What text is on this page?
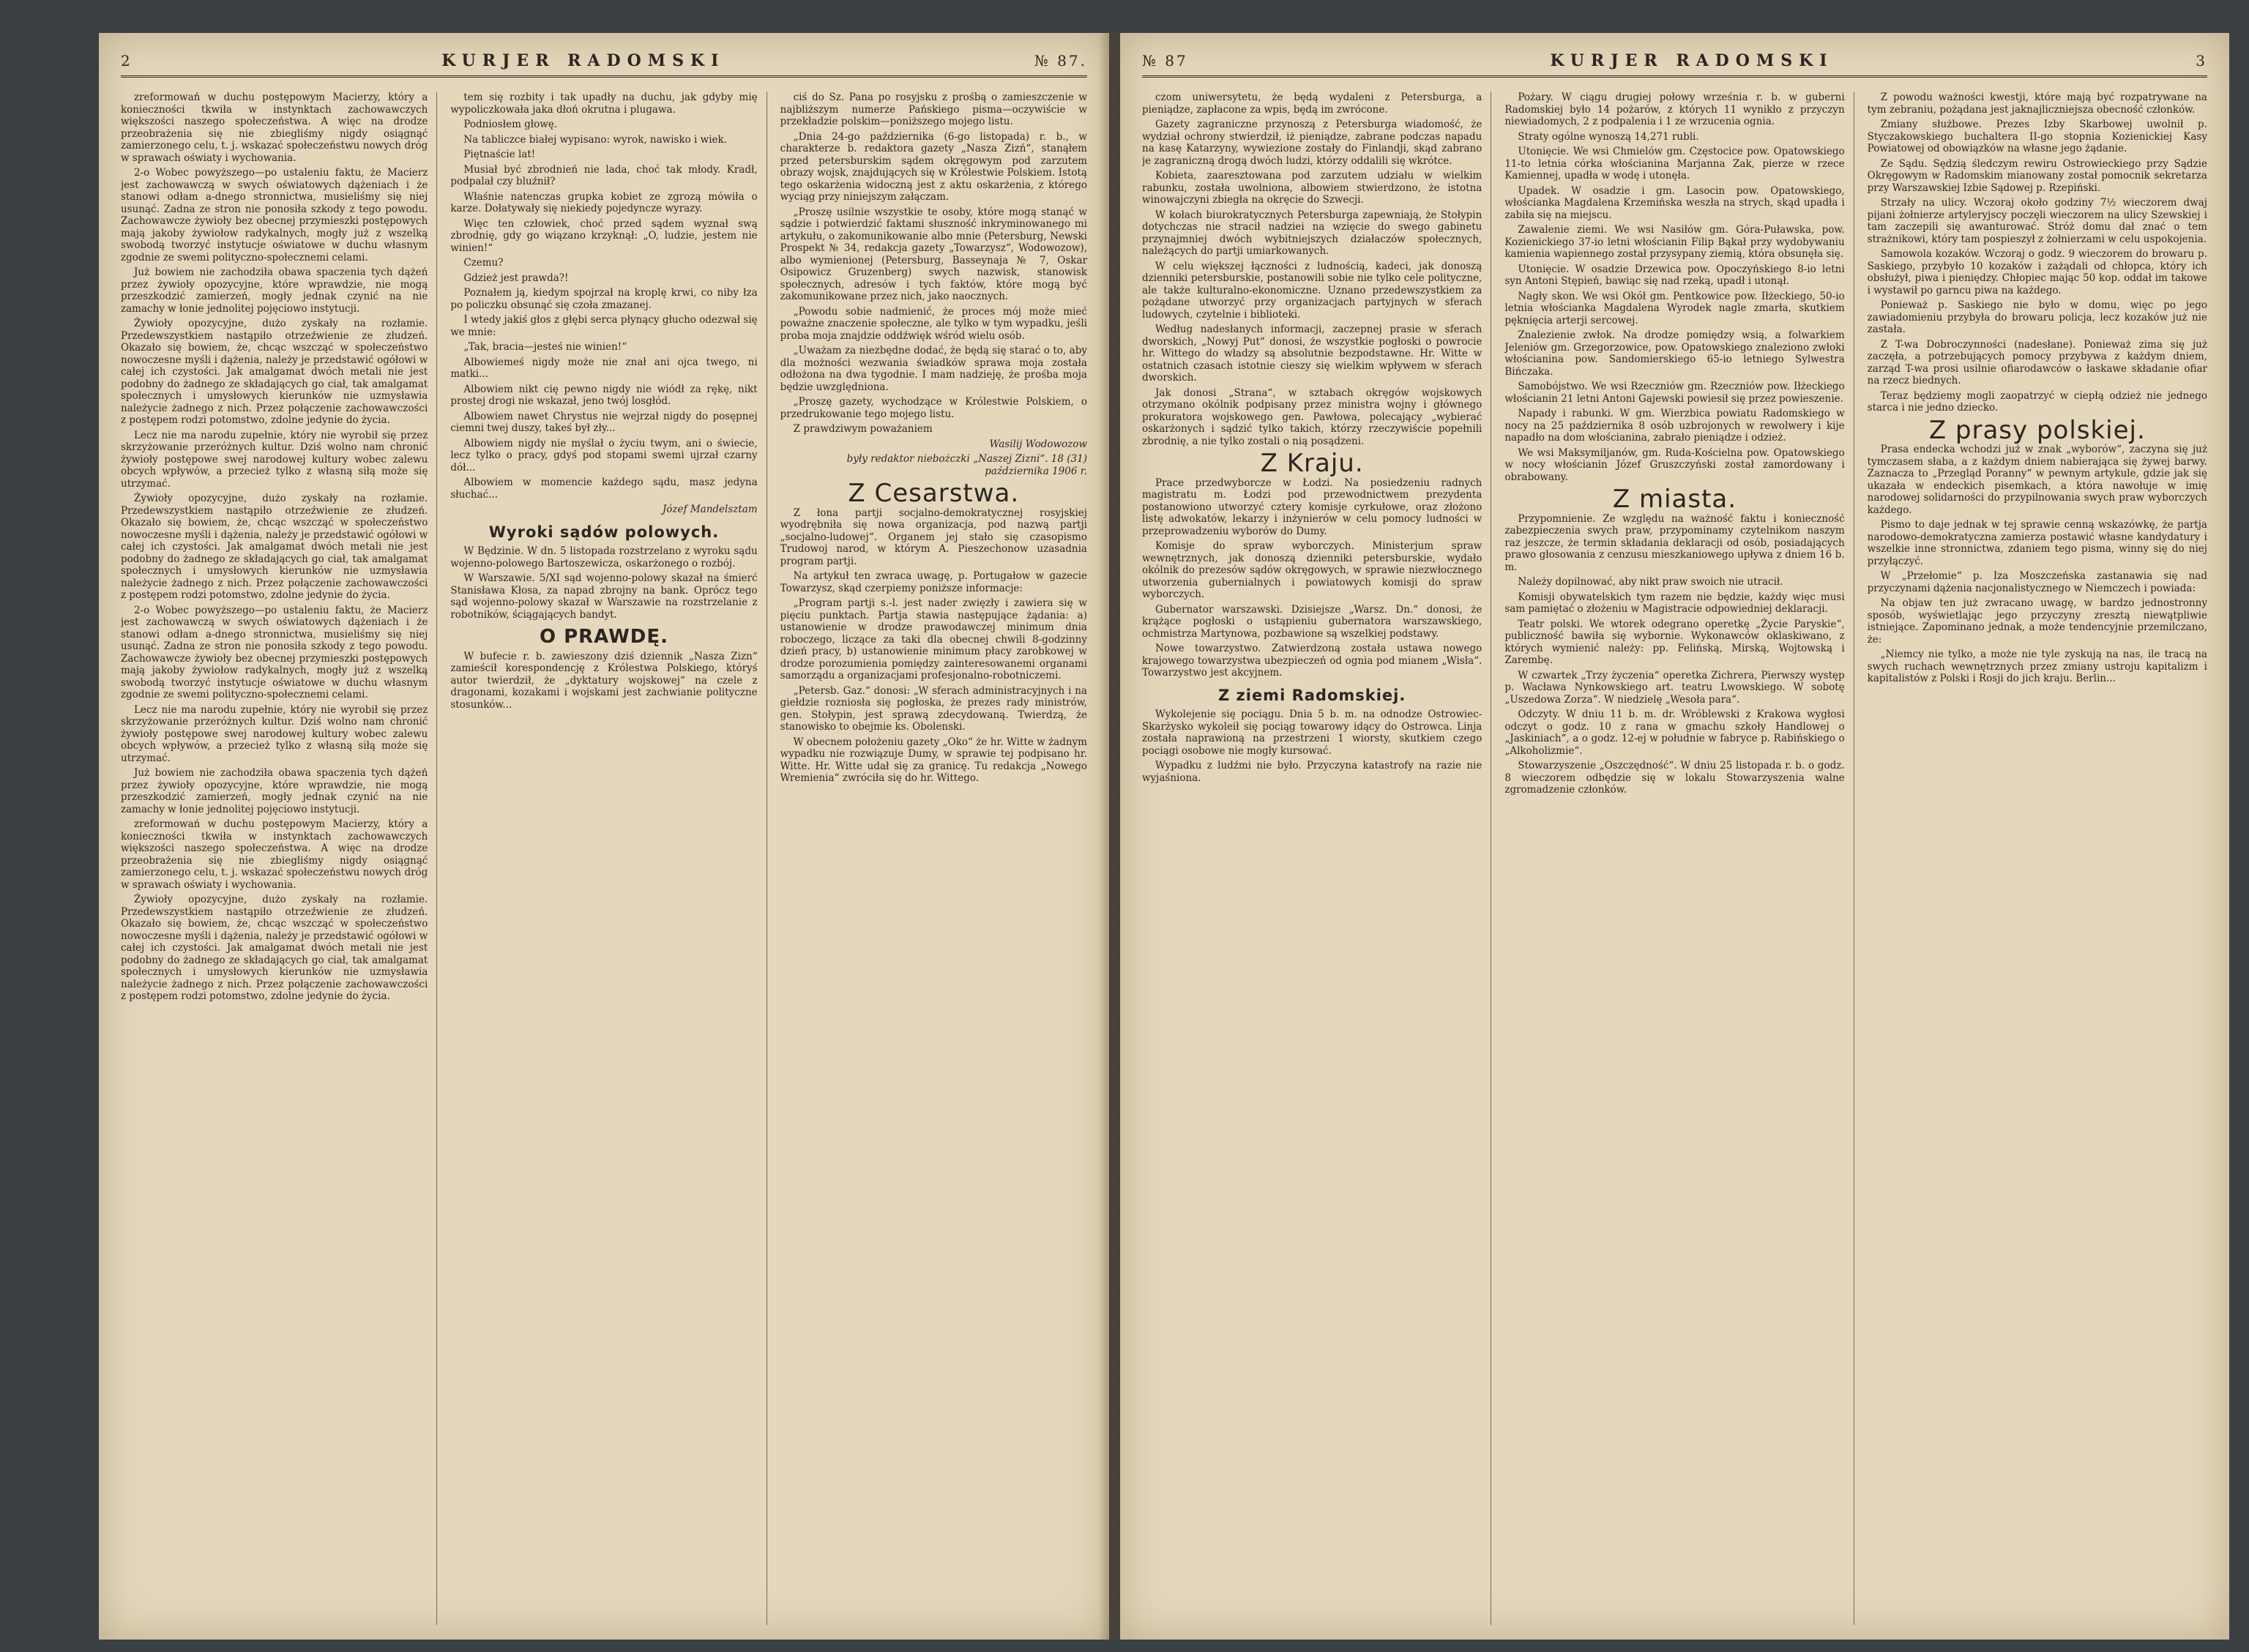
2	KURJER RADOMSKI	№ 87.

zreformowań w duchu postępowym Macierzy, który a konieczności tkwiła w instynktach zachowawczych większości naszego społeczeństwa. A więc na drodze przeobrażenia się nie zbiegliśmy nigdy osiągnąć zamierzonego celu, t. j. wskazać społeczeństwu nowych dróg w sprawach oświaty i wychowania.

2-o Wobec powyższego—po ustaleniu faktu, że Macierz jest zachowawczą w swych oświatowych dążeniach i że stanowi odłam a-dnego stronnictwa, musieliśmy się niej usunąć. Zadna ze stron nie ponosiła szkody z tego powodu. Zachowawcze żywioły bez obecnej przymieszki postępowych mają jakoby żywiołow radykalnych, mogły już z wszelką swobodą tworzyć instytucje oświatowe w duchu własnym zgodnie ze swemi polityczno-społecznemi celami.

Już bowiem nie zachodziła obawa spaczenia tych dążeń przez żywioły opozycyjne, które wprawdzie, nie mogą przeszkodzić zamierzeń, mogły jednak czynić na nie zamachy w łonie jednolitej pojęciowo instytucji.

Żywioły opozycyjne, dużo zyskały na rozłamie. Przedewszystkiem nastąpiło otrzeźwienie ze złudzeń. Okazało się bowiem, że, chcąc wszcząć w społeczeństwo nowoczesne myśli i dążenia, należy je przedstawić ogółowi w całej ich czystości. Jak amalgamat dwóch metali nie jest podobny do żadnego ze składających go ciał, tak amalgamat społecznych i umysłowych kierunków nie uzmysławia należycie żadnego z nich. Przez połączenie zachowawczości z postępem rodzi potomstwo, zdolne jedynie do życia.

Lecz nie ma narodu zupełnie, który nie wyrobił się przez skrzyżowanie przeróżnych kultur. Dziś wolno nam chronić żywioły postępowe swej narodowej kultury wobec zalewu obcych wpływów, a przecież tylko z własną siłą może się utrzymać.

Żywioły opozycyjne, dużo zyskały na rozłamie. Przedewszystkiem nastąpiło otrzeźwienie ze złudzeń. Okazało się bowiem, że, chcąc wszcząć w społeczeństwo nowoczesne myśli i dążenia, należy je przedstawić ogółowi w całej ich czystości. Jak amalgamat dwóch metali nie jest podobny do żadnego ze składających go ciał, tak amalgamat społecznych i umysłowych kierunków nie uzmysławia należycie żadnego z nich. Przez połączenie zachowawczości z postępem rodzi potomstwo, zdolne jedynie do życia.

2-o Wobec powyższego—po ustaleniu faktu, że Macierz jest zachowawczą w swych oświatowych dążeniach i że stanowi odłam a-dnego stronnictwa, musieliśmy się niej usunąć. Zadna ze stron nie ponosiła szkody z tego powodu. Zachowawcze żywioły bez obecnej przymieszki postępowych mają jakoby żywiołow radykalnych, mogły już z wszelką swobodą tworzyć instytucje oświatowe w duchu własnym zgodnie ze swemi polityczno-społecznemi celami.

Lecz nie ma narodu zupełnie, który nie wyrobił się przez skrzyżowanie przeróżnych kultur. Dziś wolno nam chronić żywioły postępowe swej narodowej kultury wobec zalewu obcych wpływów, a przecież tylko z własną siłą może się utrzymać.

Już bowiem nie zachodziła obawa spaczenia tych dążeń przez żywioły opozycyjne, które wprawdzie, nie mogą przeszkodzić zamierzeń, mogły jednak czynić na nie zamachy w łonie jednolitej pojęciowo instytucji.

zreformowań w duchu postępowym Macierzy, który a konieczności tkwiła w instynktach zachowawczych większości naszego społeczeństwa. A więc na drodze przeobrażenia się nie zbiegliśmy nigdy osiągnąć zamierzonego celu, t. j. wskazać społeczeństwu nowych dróg w sprawach oświaty i wychowania.

Żywioły opozycyjne, dużo zyskały na rozłamie. Przedewszystkiem nastąpiło otrzeźwienie ze złudzeń. Okazało się bowiem, że, chcąc wszcząć w społeczeństwo nowoczesne myśli i dążenia, należy je przedstawić ogółowi w całej ich czystości. Jak amalgamat dwóch metali nie jest podobny do żadnego ze składających go ciał, tak amalgamat społecznych i umysłowych kierunków nie uzmysławia należycie żadnego z nich. Przez połączenie zachowawczości z postępem rodzi potomstwo, zdolne jedynie do życia.

tem się rozbity i tak upadły na duchu, jak gdyby mię wypoliczkowała jaka dłoń okrutna i plugawa.

Podniosłem głowę.

Na tabliczce białej wypisano: wyrok, nawisko i wiek.

Piętnaście lat!

Musiał być zbrodnień nie lada, choć tak młody. Kradł, podpalał czy bluźnił?

Właśnie natenczas grupka kobiet ze zgrozą mówiła o karze. Dołatywały się niekiedy pojedyncze wyrazy.

Więc ten człowiek, choć przed sądem wyznał swą zbrodnię, gdy go wiązano krzyknął: „O, ludzie, jestem nie winien!“

Czemu?

Gdzież jest prawda?!

Poznałem ją, kiedym spojrzał na kroplę krwi, co niby łza po policzku obsunąć się czoła zmazanej.

I wtedy jakiś głos z głębi serca płynący głucho odezwał się we mnie:

„Tak, bracia—jesteś nie winien!“

Albowiemeś nigdy może nie znał ani ojca twego, ni matki...

Albowiem nikt cię pewno nigdy nie wiódł za rękę, nikt prostej drogi nie wskazał, jeno twój losgłód.

Albowiem nawet Chrystus nie wejrzał nigdy do posępnej ciemni twej duszy, takeś był zły...

Albowiem nigdy nie myślał o życiu twym, ani o świecie, lecz tylko o pracy, gdyś pod stopami swemi ujrzał czarny dół...

Albowiem w momencie każdego sądu, masz jedyna słuchać...

Józef Mandelsztam

Wyroki sądów polowych.

W Będzinie. W dn. 5 listopada rozstrzelano z wyroku sądu wojenno-polowego Bartoszewicza, oskarżonego o rozbój.

W Warszawie. 5/XI sąd wojenno-polowy skazał na śmierć Stanisława Kłosa, za napad zbrojny na bank. Oprócz tego sąd wojenno-polowy skazał w Warszawie na rozstrzelanie z robotników, ściągających bandyt.

O PRAWDĘ.

W bufecie r. b. zawieszony dziś dziennik „Nasza Zizn“ zamieścił korespondencję z Królestwa Polskiego, któryś autor twierdził, że „dyktatury wojskowej“ na czele z dragonami, kozakami i wojskami jest zachwianie polityczne stosunków...

ciś do Sz. Pana po rosyjsku z prośbą o zamieszczenie w najbliższym numerze Pańskiego pisma—oczywiście w przekładzie polskim—poniższego mojego listu.

„Dnia 24-go października (6-go listopada) r. b., w charakterze b. redaktora gazety „Nasza Zizń“, stanąłem przed petersburskim sądem okręgowym pod zarzutem obrazy wojsk, znajdujących się w Królestwie Polskiem. Istotą tego oskarżenia widoczną jest z aktu oskarżenia, z którego wyciąg przy niniejszym załączam.

„Proszę usilnie wszystkie te osoby, które mogą stanąć w sądzie i potwierdzić faktami słuszność inkryminowanego mi artykułu, o zakomunikowanie albo mnie (Petersburg, Newski Prospekt № 34, redakcja gazety „Towarzysz“, Wodowozow), albo wymienionej (Petersburg, Basseynaja № 7, Oskar Osipowicz Gruzenberg) swych nazwisk, stanowisk społecznych, adresów i tych faktów, które mogą być zakomunikowane przez nich, jako naocznych.

„Powodu sobie nadmienić, że proces mój może mieć poważne znaczenie społeczne, ale tylko w tym wypadku, jeśli proba moja znajdzie oddźwięk wśród wielu osób.

„Uważam za niezbędne dodać, że będą się starać o to, aby dla możności wezwania świadków sprawa moja została odłożona na dwa tygodnie. I mam nadzieję, że prośba moja będzie uwzględniona.

„Proszę gazety, wychodzące w Królestwie Polskiem, o przedrukowanie tego mojego listu.

Z prawdziwym poważaniem

Wasilij Wodowozow

były redaktor niebożczki „Naszej Zizni“. 18 (31) października 1906 r.

Z Cesarstwa.

Z łona partji socjalno-demokratycznej rosyjskiej wyodrębniła się nowa organizacja, pod nazwą partji „socjalno-ludowej“. Organem jej stało się czasopismo Trudowoj narod, w którym A. Pieszechonow uzasadnia program partji.

Na artykuł ten zwraca uwagę, p. Portugałow w gazecie Towarzysz, skąd czerpiemy poniższe informacje:

„Program partji s.-l. jest nader zwięzły i zawiera się w pięciu punktach. Partja stawia następujące żądania: a) ustanowienie w drodze prawodawczej minimum dnia roboczego, liczące za taki dla obecnej chwili 8-godzinny dzień pracy, b) ustanowienie minimum płacy zarobkowej w drodze porozumienia pomiędzy zainteresowanemi organami samorządu a organizacjami profesjonalno-robotniczemi.

„Petersb. Gaz.“ donosi: „W sferach administracyjnych i na giełdzie rozniosła się pogłoska, że prezes rady ministrów, gen. Stołypin, jest sprawą zdecydowaną. Twierdzą, że stanowisko to obejmie ks. Obolenski.

W obecnem położeniu gazety „Oko“ że hr. Witte w żadnym wypadku nie rozwiązuje Dumy, w sprawie tej podpisano hr. Witte. Hr. Witte udał się za granicę. Tu redakcja „Nowego Wremienia“ zwróciła się do hr. Wittego.

№ 87	KURJER RADOMSKI	3

czom uniwersytetu, że będą wydaleni z Petersburga, a pieniądze, zapłacone za wpis, będą im zwrócone.

Gazety zagraniczne przynoszą z Petersburga wiadomość, że wydział ochrony stwierdził, iż pieniądze, zabrane podczas napadu na kasę Katarzyny, wywiezione zostały do Finlandji, skąd zabrano je zagraniczną drogą dwóch ludzi, którzy oddalili się wkrótce.

Kobieta, zaaresztowana pod zarzutem udziału w wielkim rabunku, została uwolniona, albowiem stwierdzono, że istotna winowajczyni zbiegła na okręcie do Szwecji.

W kołach biurokratycznych Petersburga zapewniają, że Stołypin dotychczas nie stracił nadziei na wzięcie do swego gabinetu przynajmniej dwóch wybitniejszych działaczów społecznych, należących do partji umiarkowanych.

W celu większej łączności z ludnością, kadeci, jak donoszą dzienniki petersburskie, postanowili sobie nie tylko cele polityczne, ale także kulturalno-ekonomiczne. Uznano przedewszystkiem za pożądane utworzyć przy organizacjach partyjnych w sferach ludowych, czytelnie i biblioteki.

Według nadesłanych informacji, zaczepnej prasie w sferach dworskich, „Nowyj Put“ donosi, że wszystkie pogłoski o powrocie hr. Wittego do władzy są absolutnie bezpodstawne. Hr. Witte w ostatnich czasach istotnie cieszy się wielkim wpływem w sferach dworskich.

Jak donosi „Strana“, w sztabach okręgów wojskowych otrzymano okólnik podpisany przez ministra wojny i głównego prokuratora wojskowego gen. Pawłowa, polecający „wybierać oskarżonych i sądzić tylko takich, którzy rzeczywiście popełnili zbrodnię, a nie tylko zostali o nią posądzeni.

Z Kraju.

Prace przedwyborcze w Łodzi. Na posiedzeniu radnych magistratu m. Łodzi pod przewodnictwem prezydenta postanowiono utworzyć cztery komisje cyrkułowe, oraz złożono listę adwokatów, lekarzy i inżynierów w celu pomocy ludności w przeprowadzeniu wyborów do Dumy.

Komisje do spraw wyborczych. Ministerjum spraw wewnętrznych, jak donoszą dzienniki petersburskie, wydało okólnik do prezesów sądów okręgowych, w sprawie niezwłocznego utworzenia gubernialnych i powiatowych komisji do spraw wyborczych.

Gubernator warszawski. Dzisiejsze „Warsz. Dn.“ donosi, że krążące pogłoski o ustąpieniu gubernatora warszawskiego, ochmistrza Martynowa, pozbawione są wszelkiej podstawy.

Nowe towarzystwo. Zatwierdzoną została ustawa nowego krajowego towarzystwa ubezpieczeń od ognia pod mianem „Wisła“. Towarzystwo jest akcyjnem.

Z ziemi Radomskiej.

Wykolejenie się pociągu. Dnia 5 b. m. na odnodze Ostrowiec-Skarżysko wykoleił się pociąg towarowy idący do Ostrowca. Linja została naprawioną na przestrzeni 1 wiorsty, skutkiem czego pociągi osobowe nie mogły kursować.

Wypadku z ludźmi nie było. Przyczyna katastrofy na razie nie wyjaśniona.

Pożary. W ciągu drugiej połowy września r. b. w guberni Radomskiej było 14 pożarów, z których 11 wynikło z przyczyn niewiadomych, 2 z podpalenia i 1 ze wrzucenia ognia.

Straty ogólne wynoszą 14,271 rubli.

Utonięcie. We wsi Chmielów gm. Częstocice pow. Opatowskiego 11-to letnia córka włościanina Marjanna Zak, pierze w rzece Kamiennej, upadła w wodę i utonęła.

Upadek. W osadzie i gm. Lasocin pow. Opatowskiego, włościanka Magdalena Krzemińska weszła na strych, skąd upadła i zabiła się na miejscu.

Zawalenie ziemi. We wsi Nasiłów gm. Góra-Puławska, pow. Kozienickiego 37-io letni włościanin Filip Bąkał przy wydobywaniu kamienia wapiennego został przysypany ziemią, która obsunęła się.

Utonięcie. W osadzie Drzewica pow. Opoczyńskiego 8-io letni syn Antoni Stępień, bawiąc się nad rzeką, upadł i utonął.

Nagły skon. We wsi Okół gm. Pentkowice pow. Iłżeckiego, 50-io letnia włościanka Magdalena Wyrodek nagle zmarła, skutkiem pęknięcia arterji sercowej.

Znalezienie zwłok. Na drodze pomiędzy wsią, a folwarkiem Jeleniów gm. Grzegorzowice, pow. Opatowskiego znaleziono zwłoki włościanina pow. Sandomierskiego 65-io letniego Sylwestra Bińczaka.

Samobójstwo. We wsi Rzeczniów gm. Rzeczniów pow. Iłżeckiego włościanin 21 letni Antoni Gajewski powiesił się przez powieszenie.

Napady i rabunki. W gm. Wierzbica powiatu Radomskiego w nocy na 25 października 8 osób uzbrojonych w rewolwery i kije napadło na dom włościanina, zabrało pieniądze i odzież.

We wsi Maksymiljanów, gm. Ruda-Kościelna pow. Opatowskiego w nocy włościanin Józef Gruszczyński został zamordowany i obrabowany.

Z miasta.

Przypomnienie. Ze względu na ważność faktu i konieczność zabezpieczenia swych praw, przypominamy czytelnikom naszym raz jeszcze, że termin składania deklaracji od osób, posiadających prawo głosowania z cenzusu mieszkaniowego upływa z dniem 16 b. m.

Należy dopilnować, aby nikt praw swoich nie utracił.

Komisji obywatelskich tym razem nie będzie, każdy więc musi sam pamiętać o złożeniu w Magistracie odpowiedniej deklaracji.

Teatr polski. We wtorek odegrano operetkę „Życie Paryskie“, publiczność bawiła się wybornie. Wykonawców oklaskiwano, z których wymienić należy: pp. Felińską, Mirską, Wojtowską i Zarembę.

W czwartek „Trzy życzenia“ operetka Zichrera, Pierwszy występ p. Wacława Nynkowskiego art. teatru Lwowskiego. W sobotę „Uszedowa Zorza“. W niedzielę „Wesoła para“.

Odczyty. W dniu 11 b. m. dr. Wróblewski z Krakowa wygłosi odczyt o godz. 10 z rana w gmachu szkoły Handlowej o „Jaskiniach“, a o godz. 12-ej w południe w fabryce p. Rabińskiego o „Alkoholizmie“.

Stowarzyszenie „Oszczędność“. W dniu 25 listopada r. b. o godz. 8 wieczorem odbędzie się w lokalu Stowarzyszenia walne zgromadzenie członków.

Z powodu ważności kwestji, które mają być rozpatrywane na tym zebraniu, pożądana jest jaknajliczniejsza obecność członków.

Zmiany służbowe. Prezes Izby Skarbowej uwolnił p. Styczakowskiego buchaltera II-go stopnia Kozienickiej Kasy Powiatowej od obowiązków na własne jego żądanie.

Ze Sądu. Sędzią śledczym rewiru Ostrowieckiego przy Sądzie Okręgowym w Radomskim mianowany został pomocnik sekretarza przy Warszawskiej Izbie Sądowej p. Rzepiński.

Strzały na ulicy. Wczoraj około godziny 7½ wieczorem dwaj pijani żołnierze artyleryjscy poczęli wieczorem na ulicy Szewskiej i tam zaczepili się awanturować. Stróż domu dał znać o tem strażnikowi, który tam pospieszył z żołnierzami w celu uspokojenia.

Samowola kozaków. Wczoraj o godz. 9 wieczorem do browaru p. Saskiego, przybyło 10 kozaków i zażądali od chłopca, który ich obsłużył, piwa i pieniędzy. Chłopiec mając 50 kop. oddał im takowe i wystawił po garncu piwa na każdego.

Ponieważ p. Saskiego nie było w domu, więc po jego zawiadomieniu przybyła do browaru policja, lecz kozaków już nie zastała.

Z T-wa Dobroczynności (nadesłane). Ponieważ zima się już zaczęła, a potrzebujących pomocy przybywa z każdym dniem, zarząd T-wa prosi usilnie ofiarodawców o łaskawe składanie ofiar na rzecz biednych.

Teraz będziemy mogli zaopatrzyć w ciepłą odzież nie jednego starca i nie jedno dziecko.

Z prasy polskiej.

Prasa endecka wchodzi już w znak „wyborów“, zaczyna się już tymczasem słaba, a z każdym dniem nabierająca się żywej barwy. Zaznacza to „Przegląd Poranny“ w pewnym artykule, gdzie jak się ukazała w endeckich pisemkach, a która nawołuje w imię narodowej solidarności do przypilnowania swych praw wyborczych każdego.

Pismo to daje jednak w tej sprawie cenną wskazówkę, że partja narodowo-demokratyczna zamierza postawić własne kandydatury i wszelkie inne stronnictwa, zdaniem tego pisma, winny się do niej przyłączyć.

W „Przełomie“ p. Iza Moszczeńska zastanawia się nad przyczynami dążenia nacjonalistycznego w Niemczech i powiada:

Na objaw ten już zwracano uwagę, w bardzo jednostronny sposób, wyświetlając jego przyczyny zresztą niewątpliwie istniejące. Zapominano jednak, a może tendencyjnie przemilczano, że:

„Niemcy nie tylko, a może nie tyle zyskują na nas, ile tracą na swych ruchach wewnętrznych przez zmiany ustroju kapitalizm i kapitalistów z Polski i Rosji do jich kraju. Berlin...
